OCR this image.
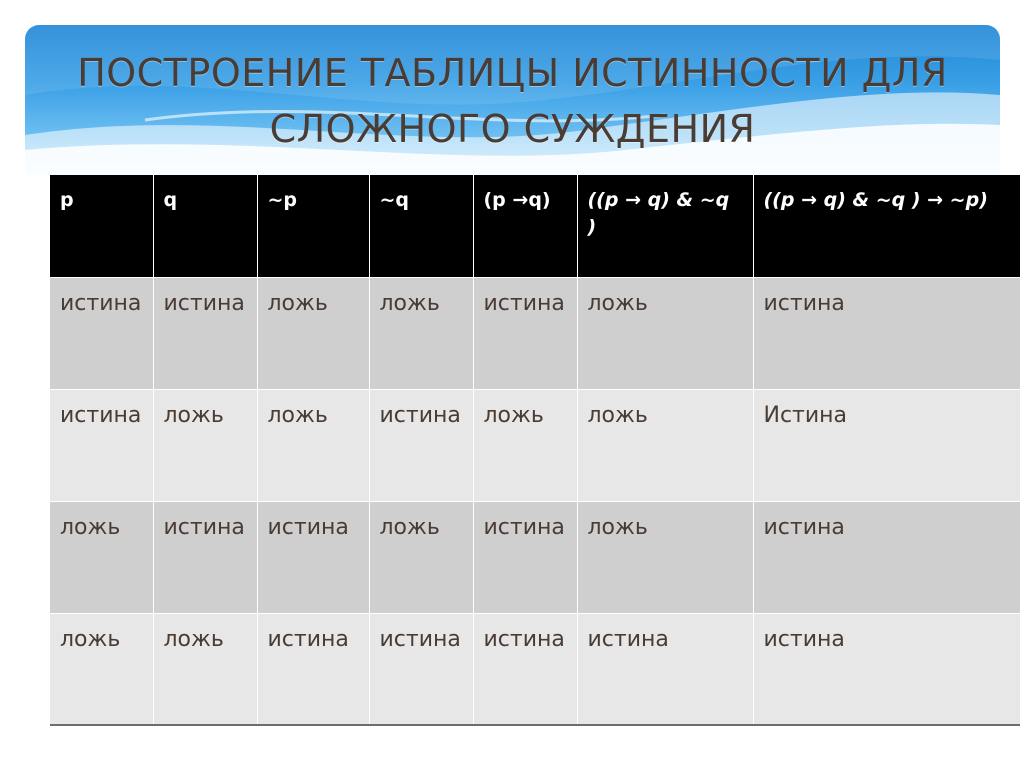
ПОСТРОЕНИЕ ТАБЛИЦЫ ИСТИННОСТИ ДЛЯ
СЛОЖНОГО СУЖДЕНИЯ
p	q	~p	~q	(p →q)	((p → q) & ~q )	((p → q) & ~q ) → ~p)
истина	истина	ложь	ложь	истина	ложь	истина
истина	ложь	ложь	истина	ложь	ложь	Истина
ложь	истина	истина	ложь	истина	ложь	истина
ложь	ложь	истина	истина	истина	истина	истина
